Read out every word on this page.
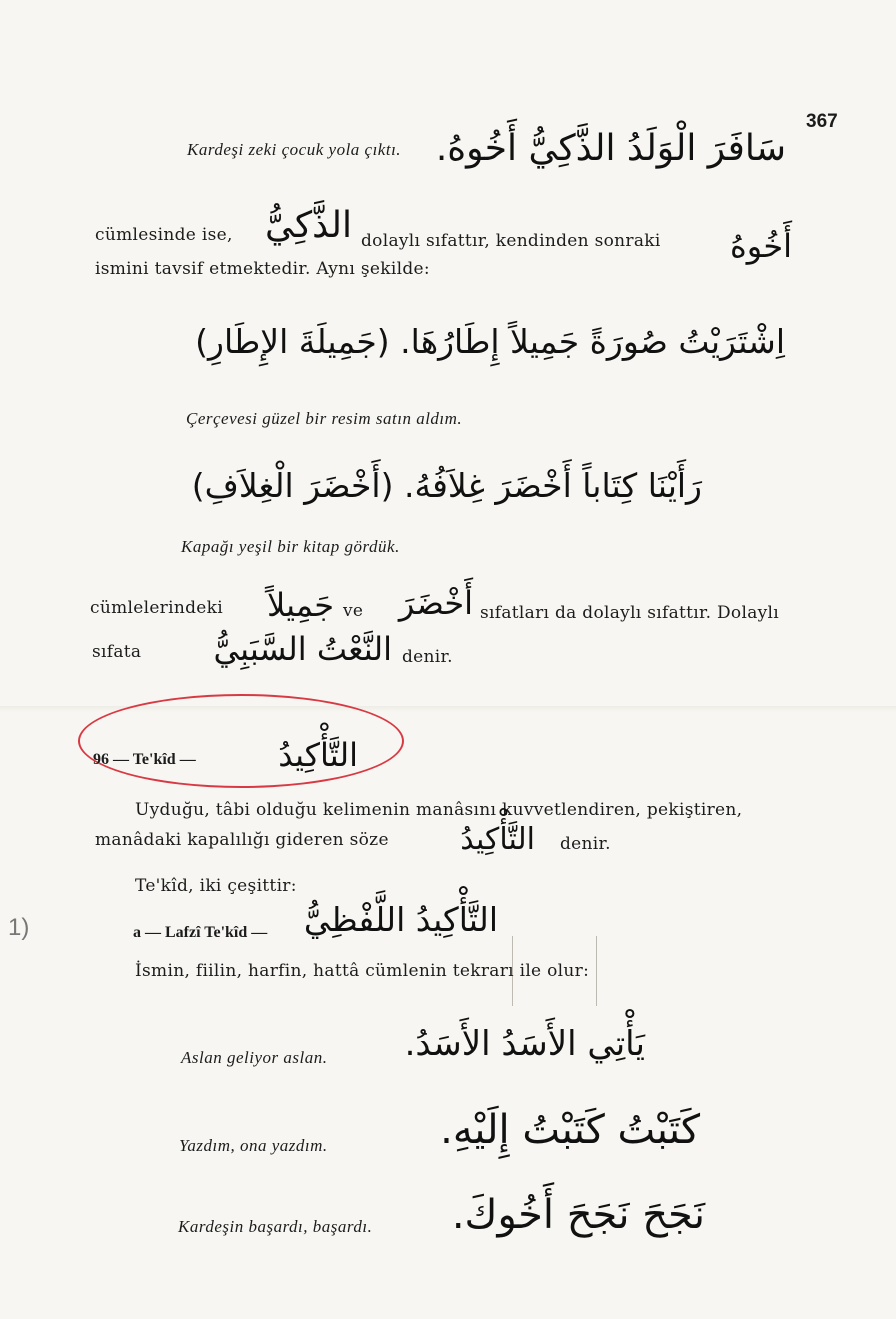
367
Kardeşi zeki çocuk yola çıktı. سَافَرَ الْوَلَدُ الذَّكِيُّ أَخُوهُ.
cümlesinde ise, الذَّكِيُّ dolaylı sıfattır, kendinden sonraki	أَخُوهُ
ismini tavsif etmektedir. Aynı şekilde:
اِشْتَرَيْتُ صُورَةً جَمِيلاً إِطَارُهَا. (جَمِيلَةَ الإِطَارِ)
Çerçevesi güzel bir resim satın aldım.
رَأَيْنَا كِتَاباً أَخْضَرَ غِلاَفُهُ. (أَخْضَرَ الْغِلاَفِ)
Kapağı yeşil bir kitap gördük.
cümlelerindeki	جَمِيلاً ve أَخْضَرَ sıfatları da dolaylı sıfattır. Dolaylı
sıfata النَّعْتُ السَّبَبِيُّ denir.
96 — Te'kîd —	التَّأْكِيدُ
Uyduğu, tâbi olduğu kelimenin manâsını kuvvetlendiren, pekiştiren,
manâdaki kapalılığı gideren söze	التَّأْكِيدُ denir.
Te'kîd, iki çeşittir:
1)	a — Lafzî Te'kîd — التَّأْكِيدُ اللَّفْظِيُّ
İsmin, fiilin, harfin, hattâ cümlenin tekrarı ile olur:
Aslan geliyor aslan. يَأْتِي الأَسَدُ الأَسَدُ.
Yazdım, ona yazdım.	كَتَبْتُ كَتَبْتُ إِلَيْهِ.
Kardeşin başardı, başardı. نَجَحَ نَجَحَ أَخُوكَ.
